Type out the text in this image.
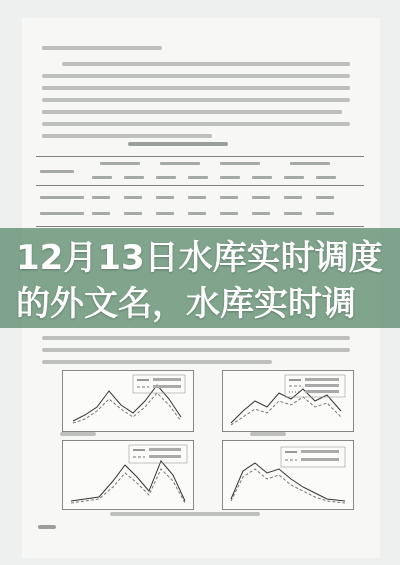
12月13日水库实时调度
的外文名，水库实时调
